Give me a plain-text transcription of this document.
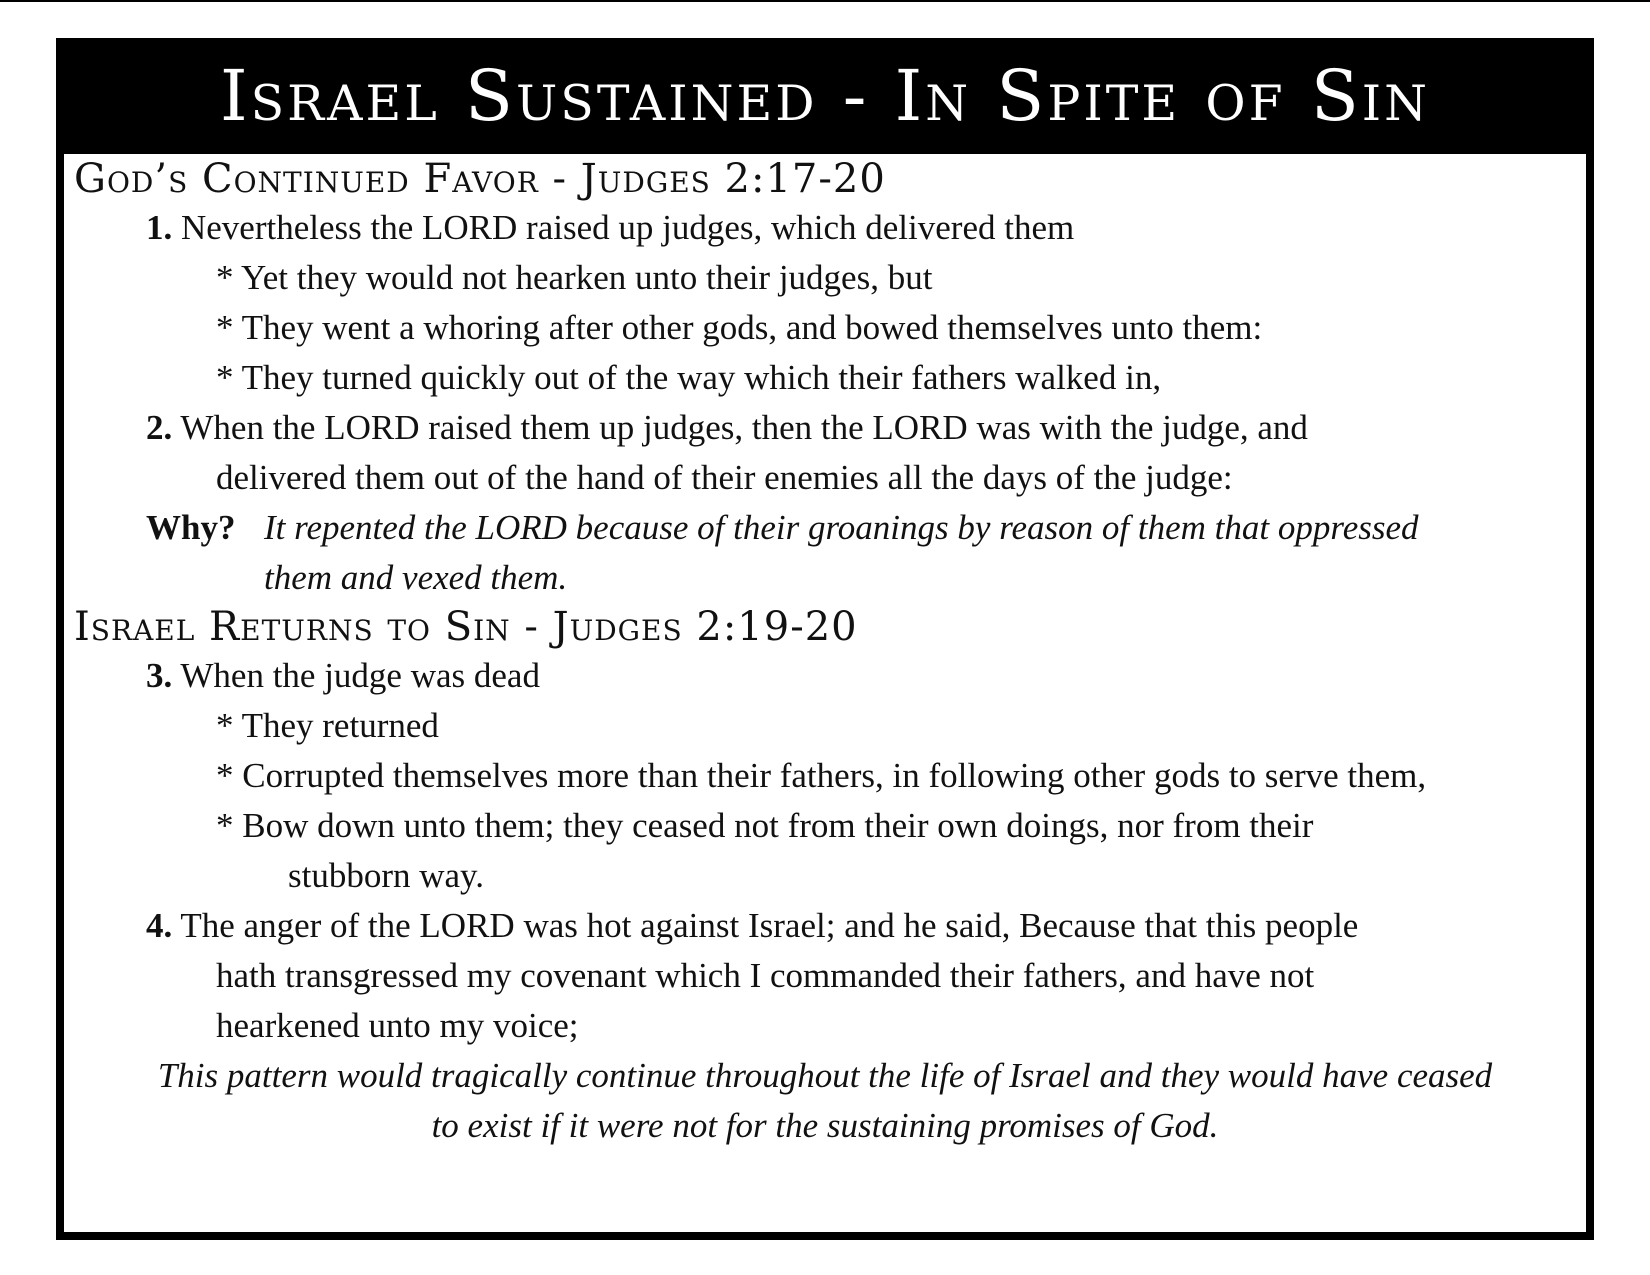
Israel Sustained - In Spite of Sin
God’s Continued Favor - Judges 2:17-20
1. Nevertheless the LORD raised up judges, which delivered them
* Yet they would not hearken unto their judges, but
* They went a whoring after other gods, and bowed themselves unto them:
* They turned quickly out of the way which their fathers walked in,
2. When the LORD raised them up judges, then the LORD was with the judge, and
delivered them out of the hand of their enemies all the days of the judge:
Why? It repented the LORD because of their groanings by reason of them that oppressed
them and vexed them.
Israel Returns to Sin - Judges 2:19-20
3. When the judge was dead
* They returned
* Corrupted themselves more than their fathers, in following other gods to serve them,
* Bow down unto them; they ceased not from their own doings, nor from their
stubborn way.
4. The anger of the LORD was hot against Israel; and he said, Because that this people
hath transgressed my covenant which I commanded their fathers, and have not
hearkened unto my voice;
This pattern would tragically continue throughout the life of Israel and they would have ceased
to exist if it were not for the sustaining promises of God.
